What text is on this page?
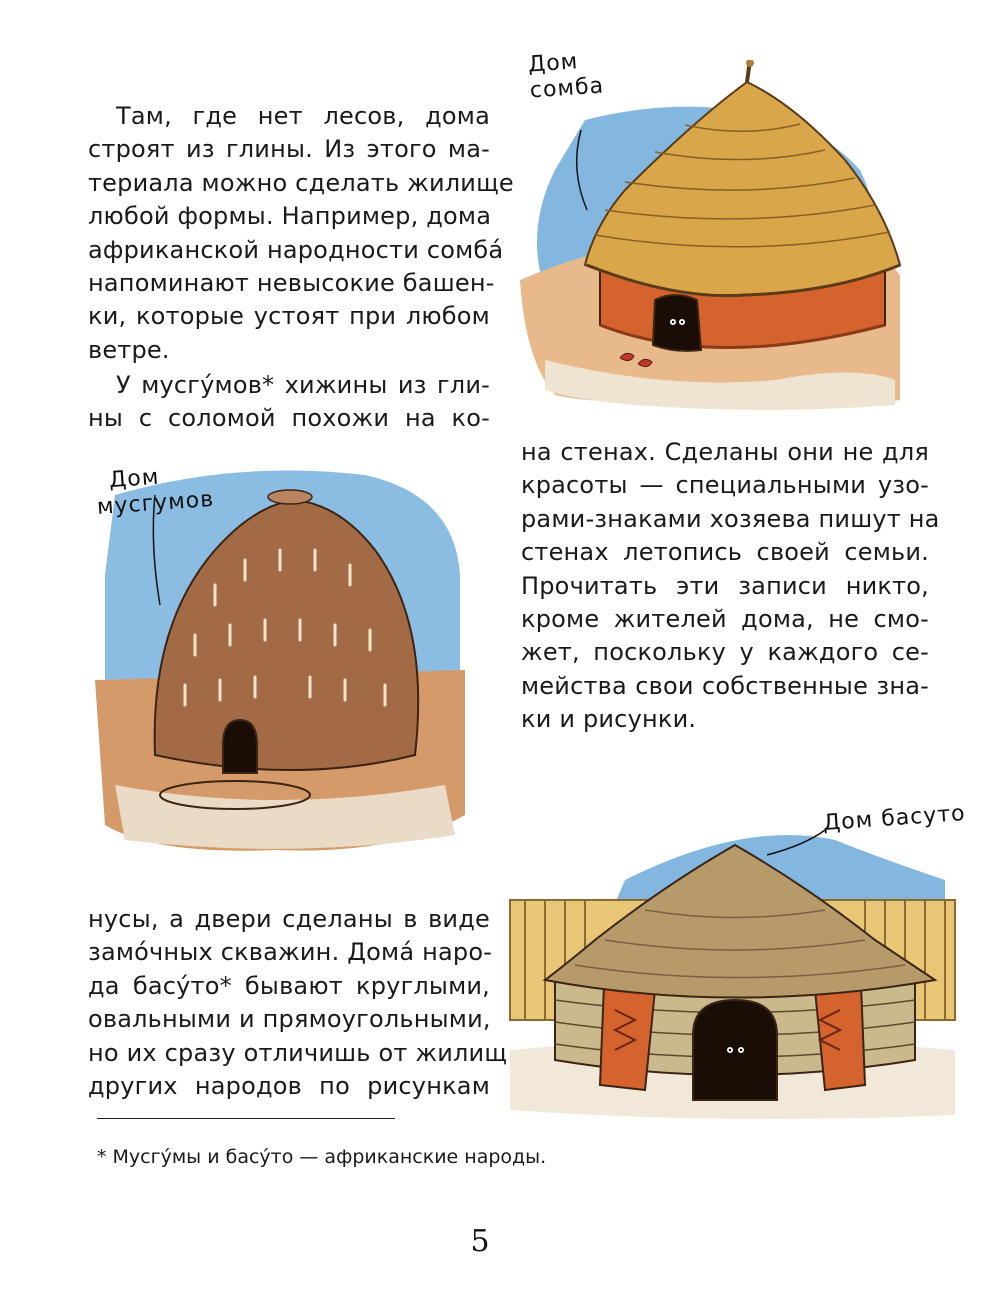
Там, где нет лесов, дома
строят из глины. Из этого ма-
териала можно сделать жилище
любой формы. Например, дома
африканской народности сомба́
напоминают невысокие башен-
ки, которые устоят при любом
ветре.
У мусгу́мов* хижины из гли-
ны с соломой похожи на ко-
на стенах. Сделаны они не для
красоты — специальными узо-
рами-знаками хозяева пишут на
стенах летопись своей семьи.
Прочитать эти записи никто,
кроме жителей дома, не смо-
жет, поскольку у каждого се-
мейства свои собственные зна-
ки и рисунки.
нусы, а двери сделаны в виде
замо́чных скважин. Дома́ наро-
да басу́то* бывают круглыми,
овальными и прямоугольными,
но их сразу отличишь от жилищ
других народов по рисункам
Дом
сомба
Дом
мусгумов
Дом басуто
* Мусгу́мы и басу́то — африканские народы.
5
